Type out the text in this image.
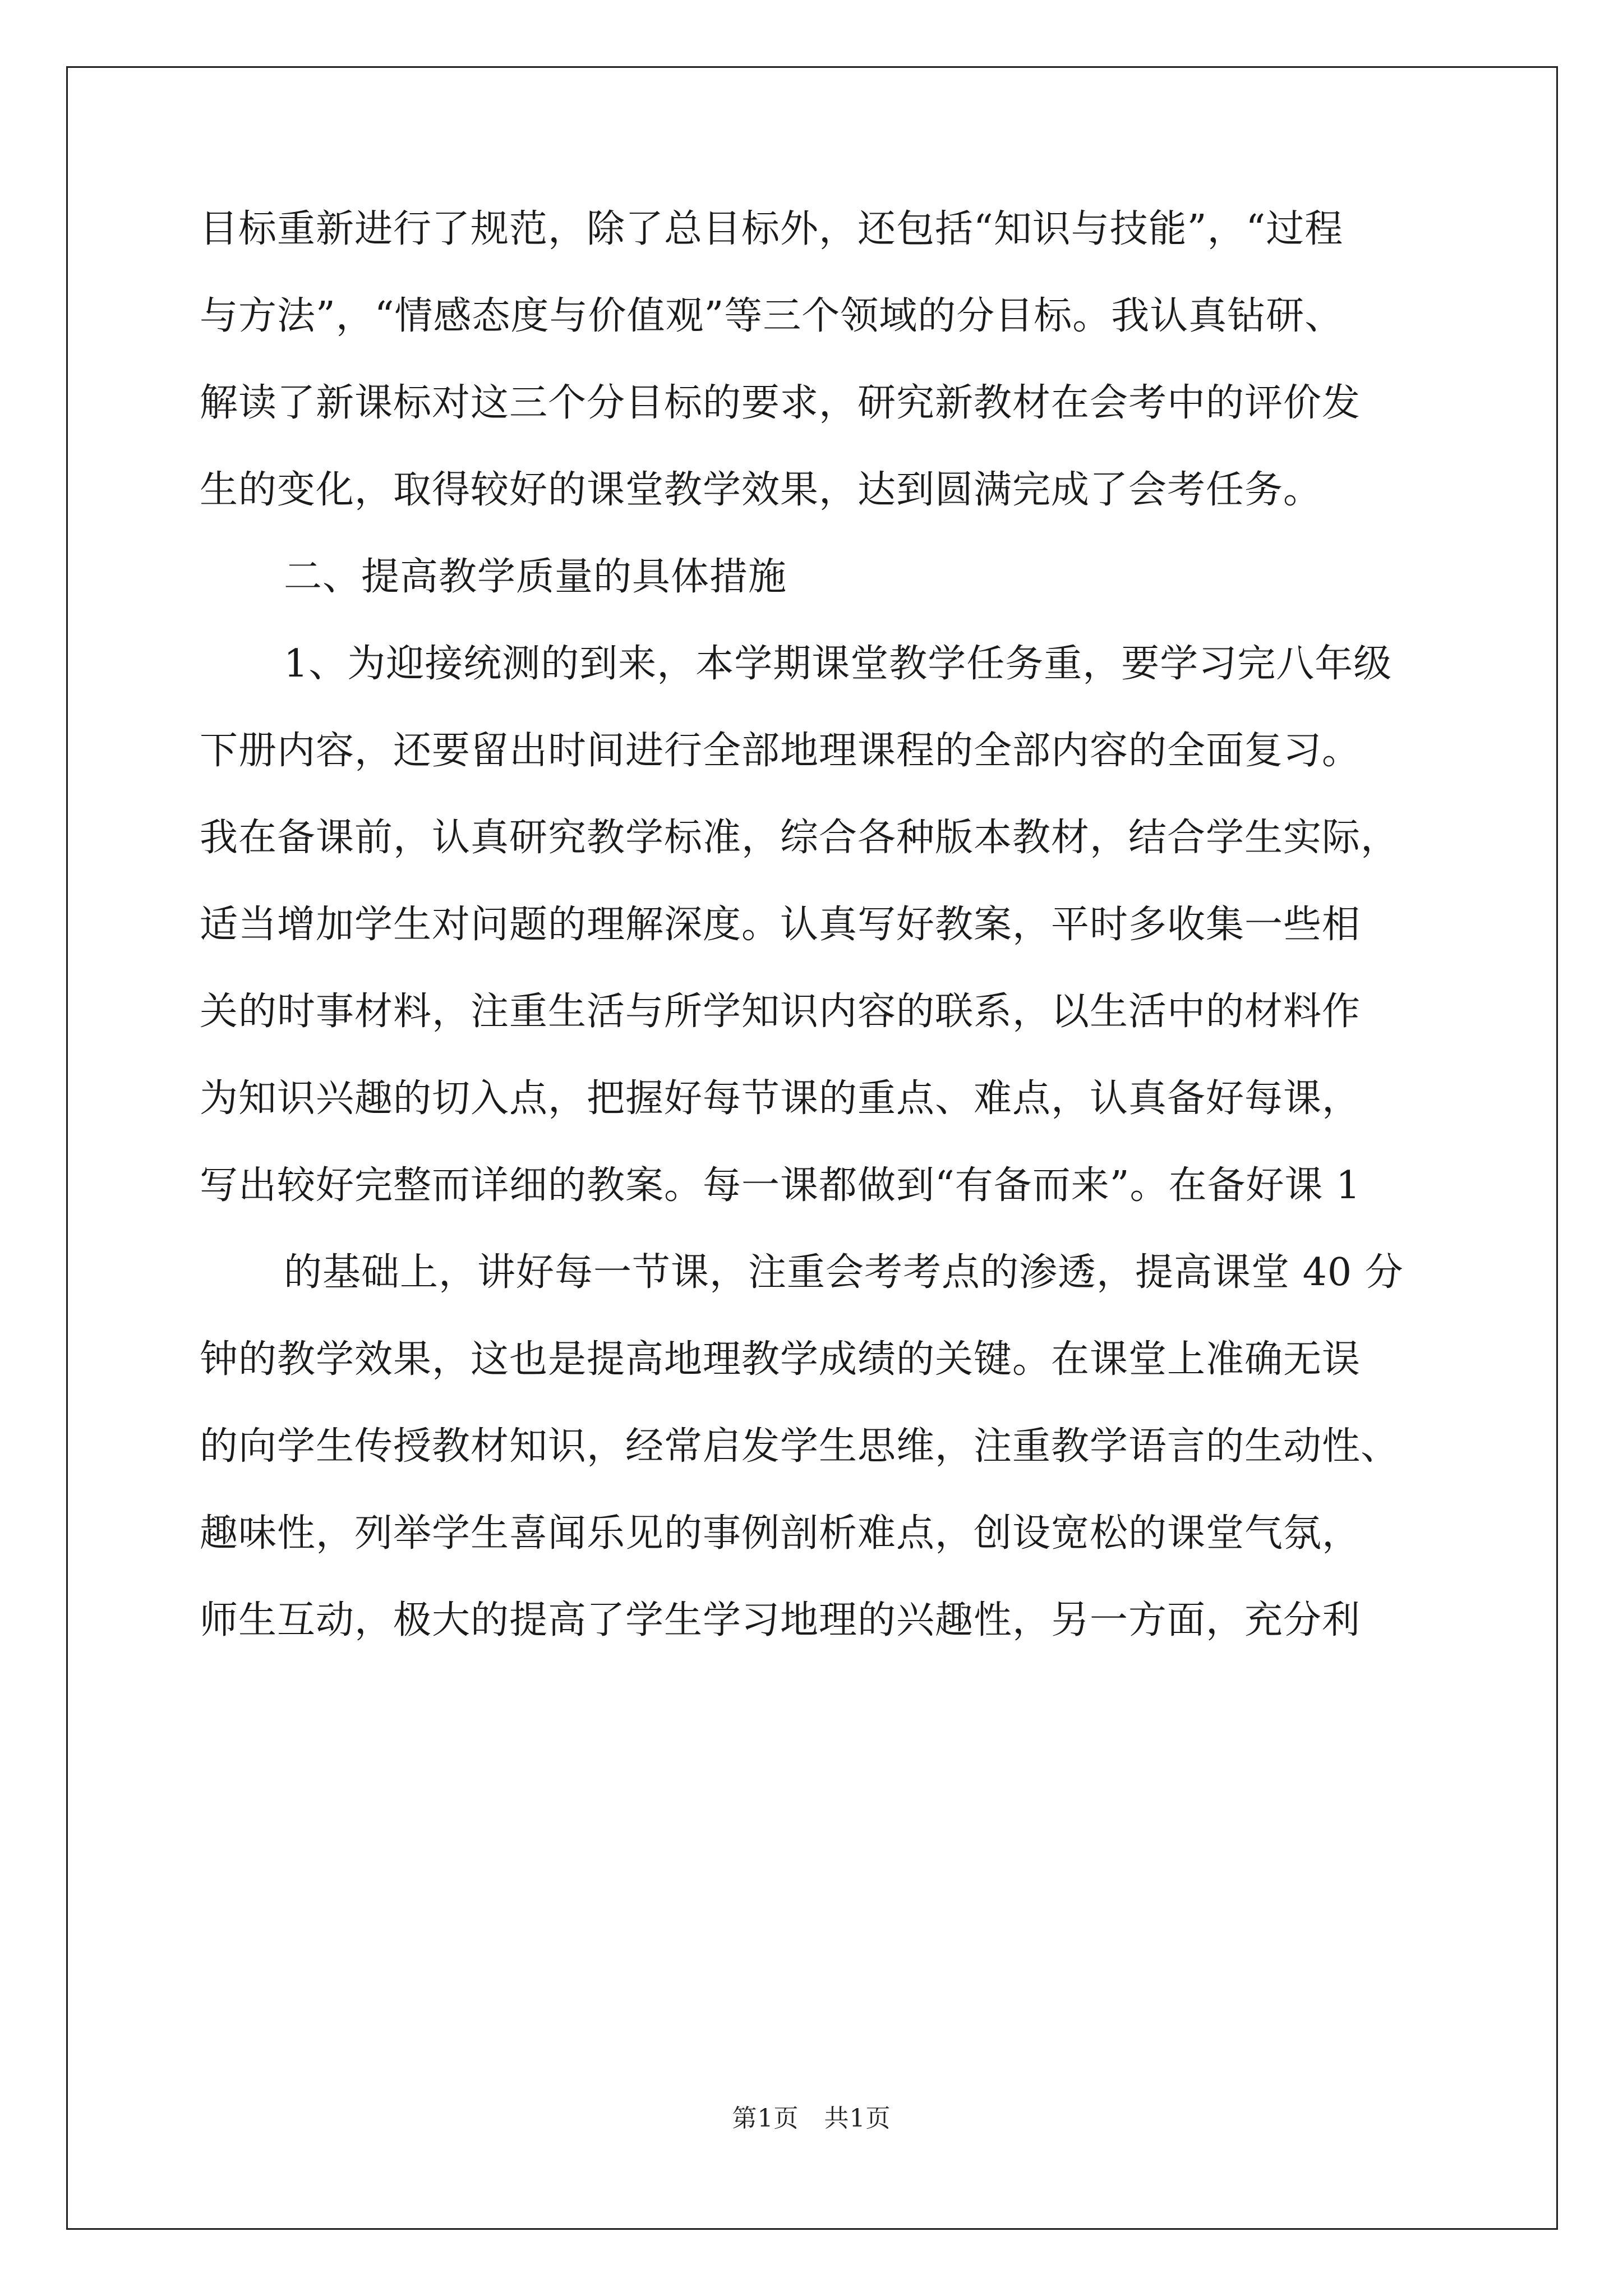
目标重新进行了规范，除了总目标外，还包括“知识与技能”，“过程
与方法”，“情感态度与价值观”等三个领域的分目标。我认真钻研、
解读了新课标对这三个分目标的要求，研究新教材在会考中的评价发
生的变化，取得较好的课堂教学效果，达到圆满完成了会考任务。
二、提高教学质量的具体措施
1、为迎接统测的到来，本学期课堂教学任务重，要学习完八年级
下册内容，还要留出时间进行全部地理课程的全部内容的全面复习。
我在备课前，认真研究教学标准，综合各种版本教材，结合学生实际，
适当增加学生对问题的理解深度。认真写好教案，平时多收集一些相
关的时事材料，注重生活与所学知识内容的联系，以生活中的材料作
为知识兴趣的切入点，把握好每节课的重点、难点，认真备好每课，
写出较好完整而详细的教案。每一课都做到“有备而来”。在备好课 1
的基础上，讲好每一节课，注重会考考点的渗透，提高课堂 40 分
钟的教学效果，这也是提高地理教学成绩的关键。在课堂上准确无误
的向学生传授教材知识，经常启发学生思维，注重教学语言的生动性、
趣味性，列举学生喜闻乐见的事例剖析难点，创设宽松的课堂气氛，
师生互动，极大的提高了学生学习地理的兴趣性，另一方面，充分利
第1页　共1页
